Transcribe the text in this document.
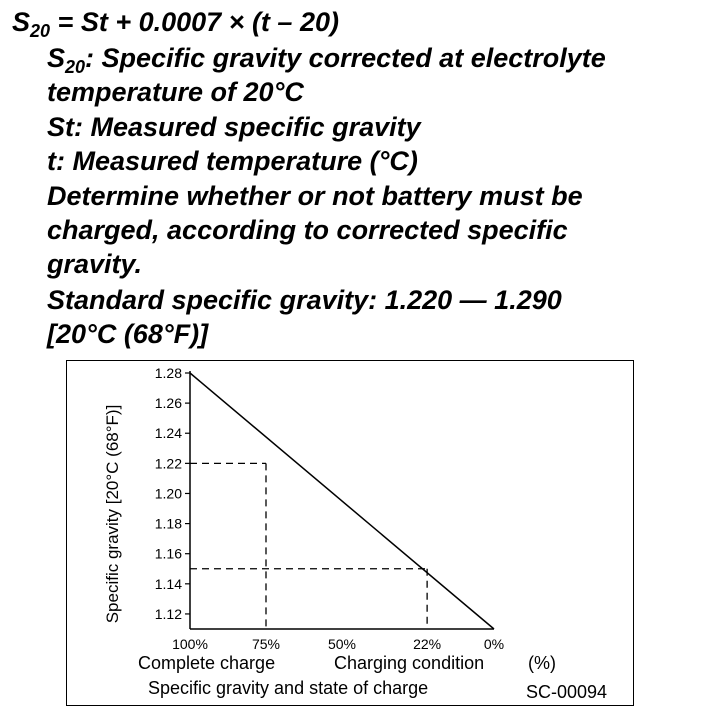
$S_{20} = St + 0.0007 \times (t - 20)$
$S_{20}$: Specific gravity corrected at electrolyte
temperature of 20°C
St: Measured specific gravity
t: Measured temperature (°C)
Determine whether or not battery must be
charged, according to corrected specific
gravity.
Standard specific gravity: 1.220 — 1.290
[20°C (68°F)]
1.12
1.14
1.16
1.18
1.20
1.22
1.24
1.26
1.28
100%	75%	50%	22%	0%
Specific gravity [20°C (68°F)]
Complete charge	Charging condition (%)
Specific gravity and state of charge	SC-00094
